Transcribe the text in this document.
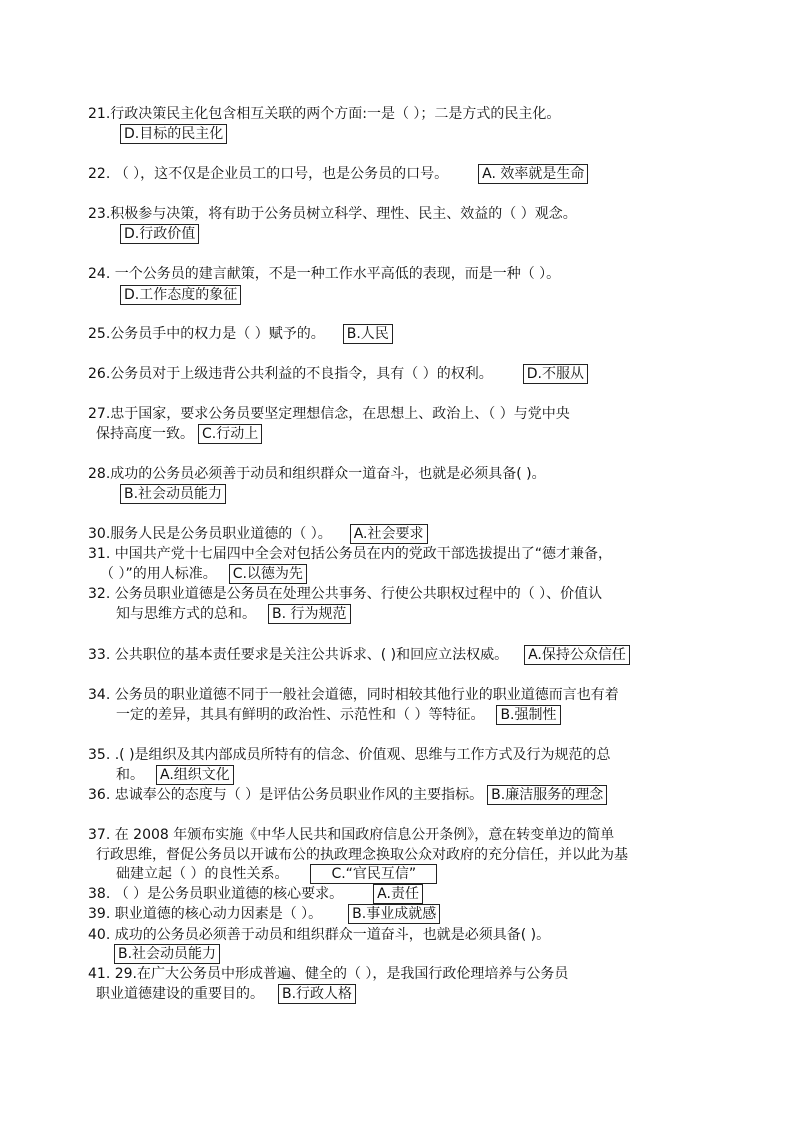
21.行政决策民主化包含相互关联的两个方面:一是（ ）；二是方式的民主化。
D.目标的民主化
22. （ ），这不仅是企业员工的口号，也是公务员的口号。 A. 效率就是生命
23.积极参与决策，将有助于公务员树立科学、理性、民主、效益的（ ）观念。
D.行政价值
24. 一个公务员的建言献策，不是一种工作水平高低的表现，而是一种（ ）。
D.工作态度的象征
25.公务员手中的权力是（ ）赋予的。 B.人民
26.公务员对于上级违背公共利益的不良指令，具有（ ）的权利。 D.不服从
27.忠于国家，要求公务员要坚定理想信念，在思想上、政治上、（ ）与党中央
保持高度一致。 C.行动上
28.成功的公务员必须善于动员和组织群众一道奋斗，也就是必须具备( )。
B.社会动员能力
30.服务人民是公务员职业道德的（ ）。 A.社会要求
31. 中国共产党十七届四中全会对包括公务员在内的党政干部选拔提出了“德才兼备，
（ ）”的用人标准。 C.以德为先
32. 公务员职业道德是公务员在处理公共事务、行使公共职权过程中的（ ）、价值认
知与思维方式的总和。 B. 行为规范
33. 公共职位的基本责任要求是关注公共诉求、( )和回应立法权威。 A.保持公众信任
34. 公务员的职业道德不同于一般社会道德，同时相较其他行业的职业道德而言也有着
一定的差异，其具有鲜明的政治性、示范性和（ ）等特征。 B.强制性
35. .( )是组织及其内部成员所特有的信念、价值观、思维与工作方式及行为规范的总
和。 A.组织文化
36. 忠诚奉公的态度与（ ）是评估公务员职业作风的主要指标。 B.廉洁服务的理念
37. 在 2008 年颁布实施《中华人民共和国政府信息公开条例》，意在转变单边的简单
行政思维，督促公务员以开诚布公的执政理念换取公众对政府的充分信任，并以此为基
础建立起（ ）的良性关系。	C.“官民互信”
38. （ ）是公务员职业道德的核心要求。 A.责任
39. 职业道德的核心动力因素是（ ）。 B.事业成就感
40. 成功的公务员必须善于动员和组织群众一道奋斗，也就是必须具备( )。
B.社会动员能力
41. 29.在广大公务员中形成普遍、健全的（ ），是我国行政伦理培养与公务员
职业道德建设的重要目的。 B.行政人格
